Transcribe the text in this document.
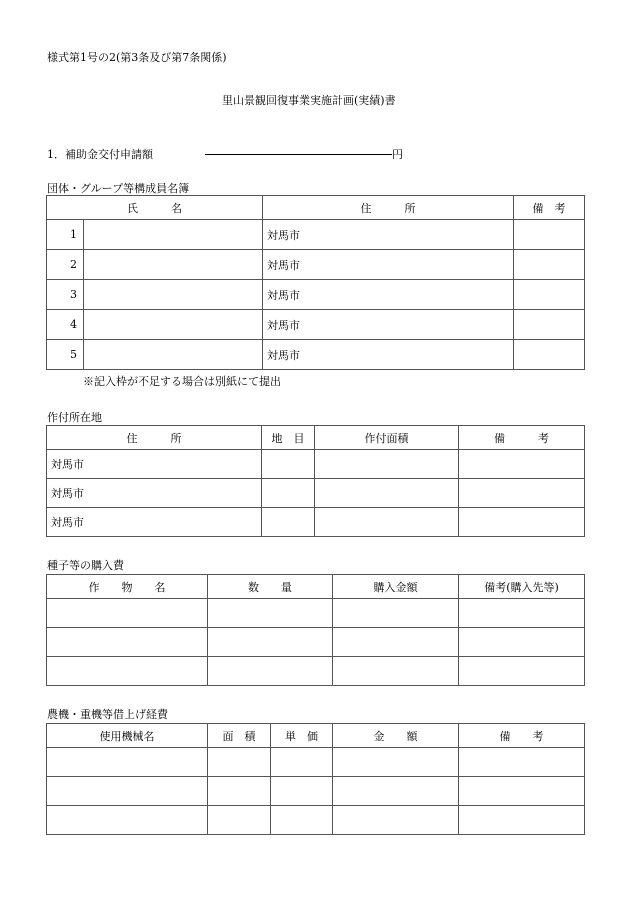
様式第1号の2(第3条及び第7条関係)
里山景観回復事業実施計画(実績)書
1．補助金交付申請額	円
団体・グループ等構成員名簿
氏　　　名		住　　　所	備　考
1		対馬市	
2		対馬市	
3		対馬市	
4		対馬市	
5		対馬市	
※記入枠が不足する場合は別紙にて提出
作付所在地
住　　　所	地　目	作付面積	備　　　考
対馬市			
対馬市			
対馬市			
種子等の購入費
作　　物　　名	数　　量	購入金額	備考(購入先等)

農機・重機等借上げ経費
使用機械名	面　積	単　価	金　　額	備　　考
